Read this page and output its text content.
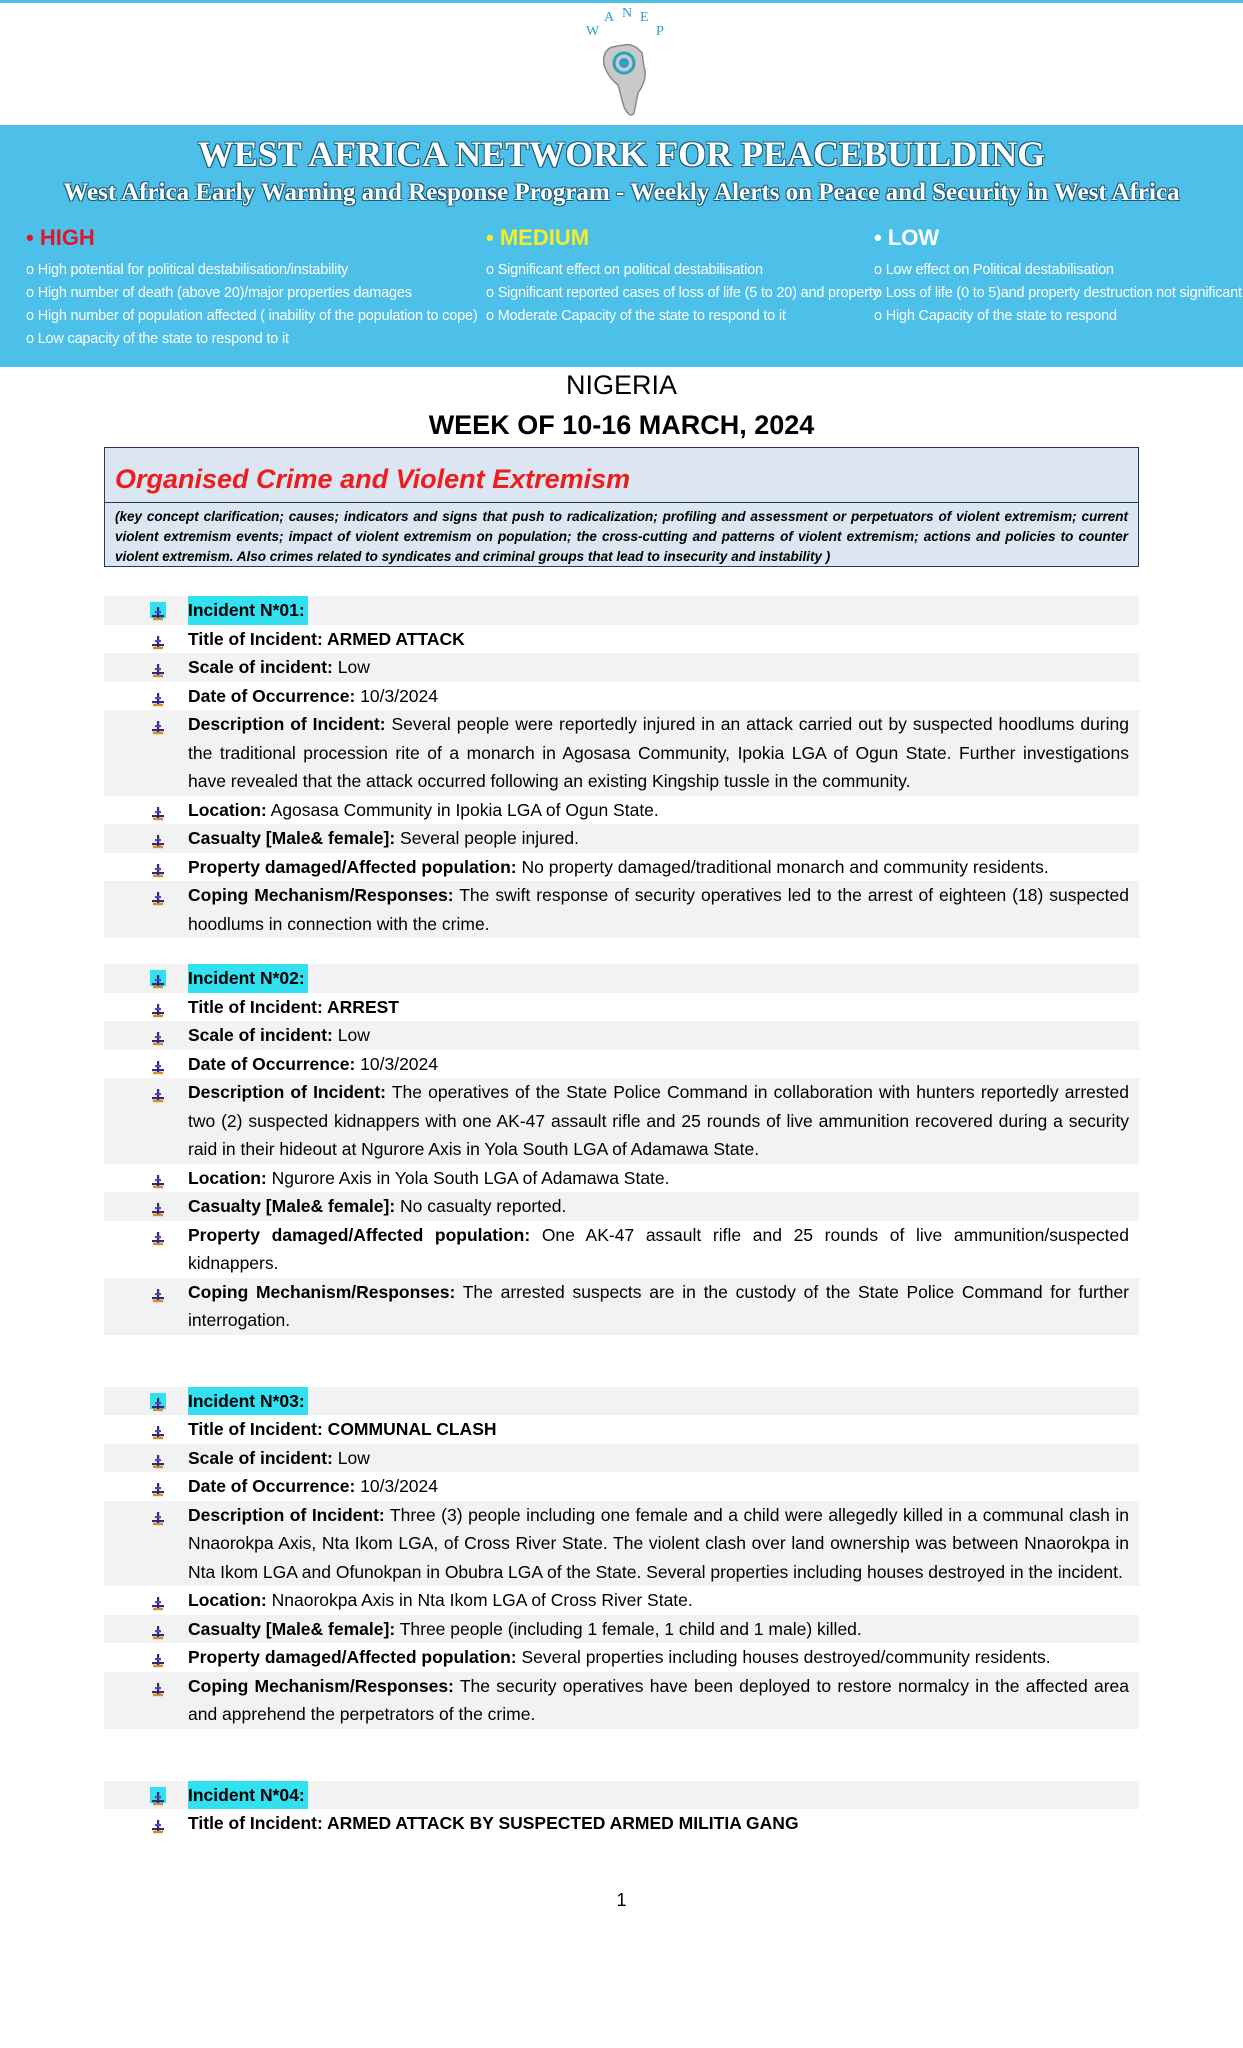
W
A N E
P
WEST AFRICA NETWORK FOR PEACEBUILDING
West Africa Early Warning and Response Program - Weekly Alerts on Peace and Security in West Africa
• HIGH
o High potential for political destabilisation/instability
o High number of death (above 20)/major properties damages
o High number of population affected ( inability of the population to cope)
o Low capacity of the state to respond to it
• MEDIUM
o Significant effect on political destabilisation
o Significant reported cases of loss of life (5 to 20) and property
o Moderate Capacity of the state to respond to it
• LOW
o Low effect on Political destabilisation
o Loss of life (0 to 5)and property destruction not significant
o High Capacity of the state to respond
NIGERIA
WEEK OF 10-16 MARCH, 2024
Organised Crime and Violent Extremism
(key concept clarification; causes; indicators and signs that push to radicalization; profiling and assessment or perpetuators of violent extremism; current violent extremism events; impact of violent extremism on population; the cross-cutting and patterns of violent extremism; actions and policies to counter violent extremism. Also crimes related to syndicates and criminal groups that lead to insecurity and instability )
Incident N*01:
Title of Incident: ARMED ATTACK
Scale of incident: Low
Date of Occurrence: 10/3/2024
Description of Incident: Several people were reportedly injured in an attack carried out by suspected hoodlums during the traditional procession rite of a monarch in Agosasa Community, Ipokia LGA of Ogun State. Further investigations have revealed that the attack occurred following an existing Kingship tussle in the community.
Location: Agosasa Community in Ipokia LGA of Ogun State.
Casualty [Male& female]: Several people injured.
Property damaged/Affected population: No property damaged/traditional monarch and community residents.
Coping Mechanism/Responses: The swift response of security operatives led to the arrest of eighteen (18) suspected hoodlums in connection with the crime.
Incident N*02:
Title of Incident: ARREST
Scale of incident: Low
Date of Occurrence: 10/3/2024
Description of Incident: The operatives of the State Police Command in collaboration with hunters reportedly arrested two (2) suspected kidnappers with one AK-47 assault rifle and 25 rounds of live ammunition recovered during a security raid in their hideout at Ngurore Axis in Yola South LGA of Adamawa State.
Location: Ngurore Axis in Yola South LGA of Adamawa State.
Casualty [Male& female]: No casualty reported.
Property damaged/Affected population: One AK-47 assault rifle and 25 rounds of live ammunition/suspected kidnappers.
Coping Mechanism/Responses: The arrested suspects are in the custody of the State Police Command for further interrogation.
Incident N*03:
Title of Incident: COMMUNAL CLASH
Scale of incident: Low
Date of Occurrence: 10/3/2024
Description of Incident: Three (3) people including one female and a child were allegedly killed in a communal clash in Nnaorokpa Axis, Nta Ikom LGA, of Cross River State. The violent clash over land ownership was between Nnaorokpa in Nta Ikom LGA and Ofunokpan in Obubra LGA of the State. Several properties including houses destroyed in the incident.
Location: Nnaorokpa Axis in Nta Ikom LGA of Cross River State.
Casualty [Male& female]: Three people (including 1 female, 1 child and 1 male) killed.
Property damaged/Affected population: Several properties including houses destroyed/community residents.
Coping Mechanism/Responses: The security operatives have been deployed to restore normalcy in the affected area and apprehend the perpetrators of the crime.
Incident N*04:
Title of Incident: ARMED ATTACK BY SUSPECTED ARMED MILITIA GANG
1
